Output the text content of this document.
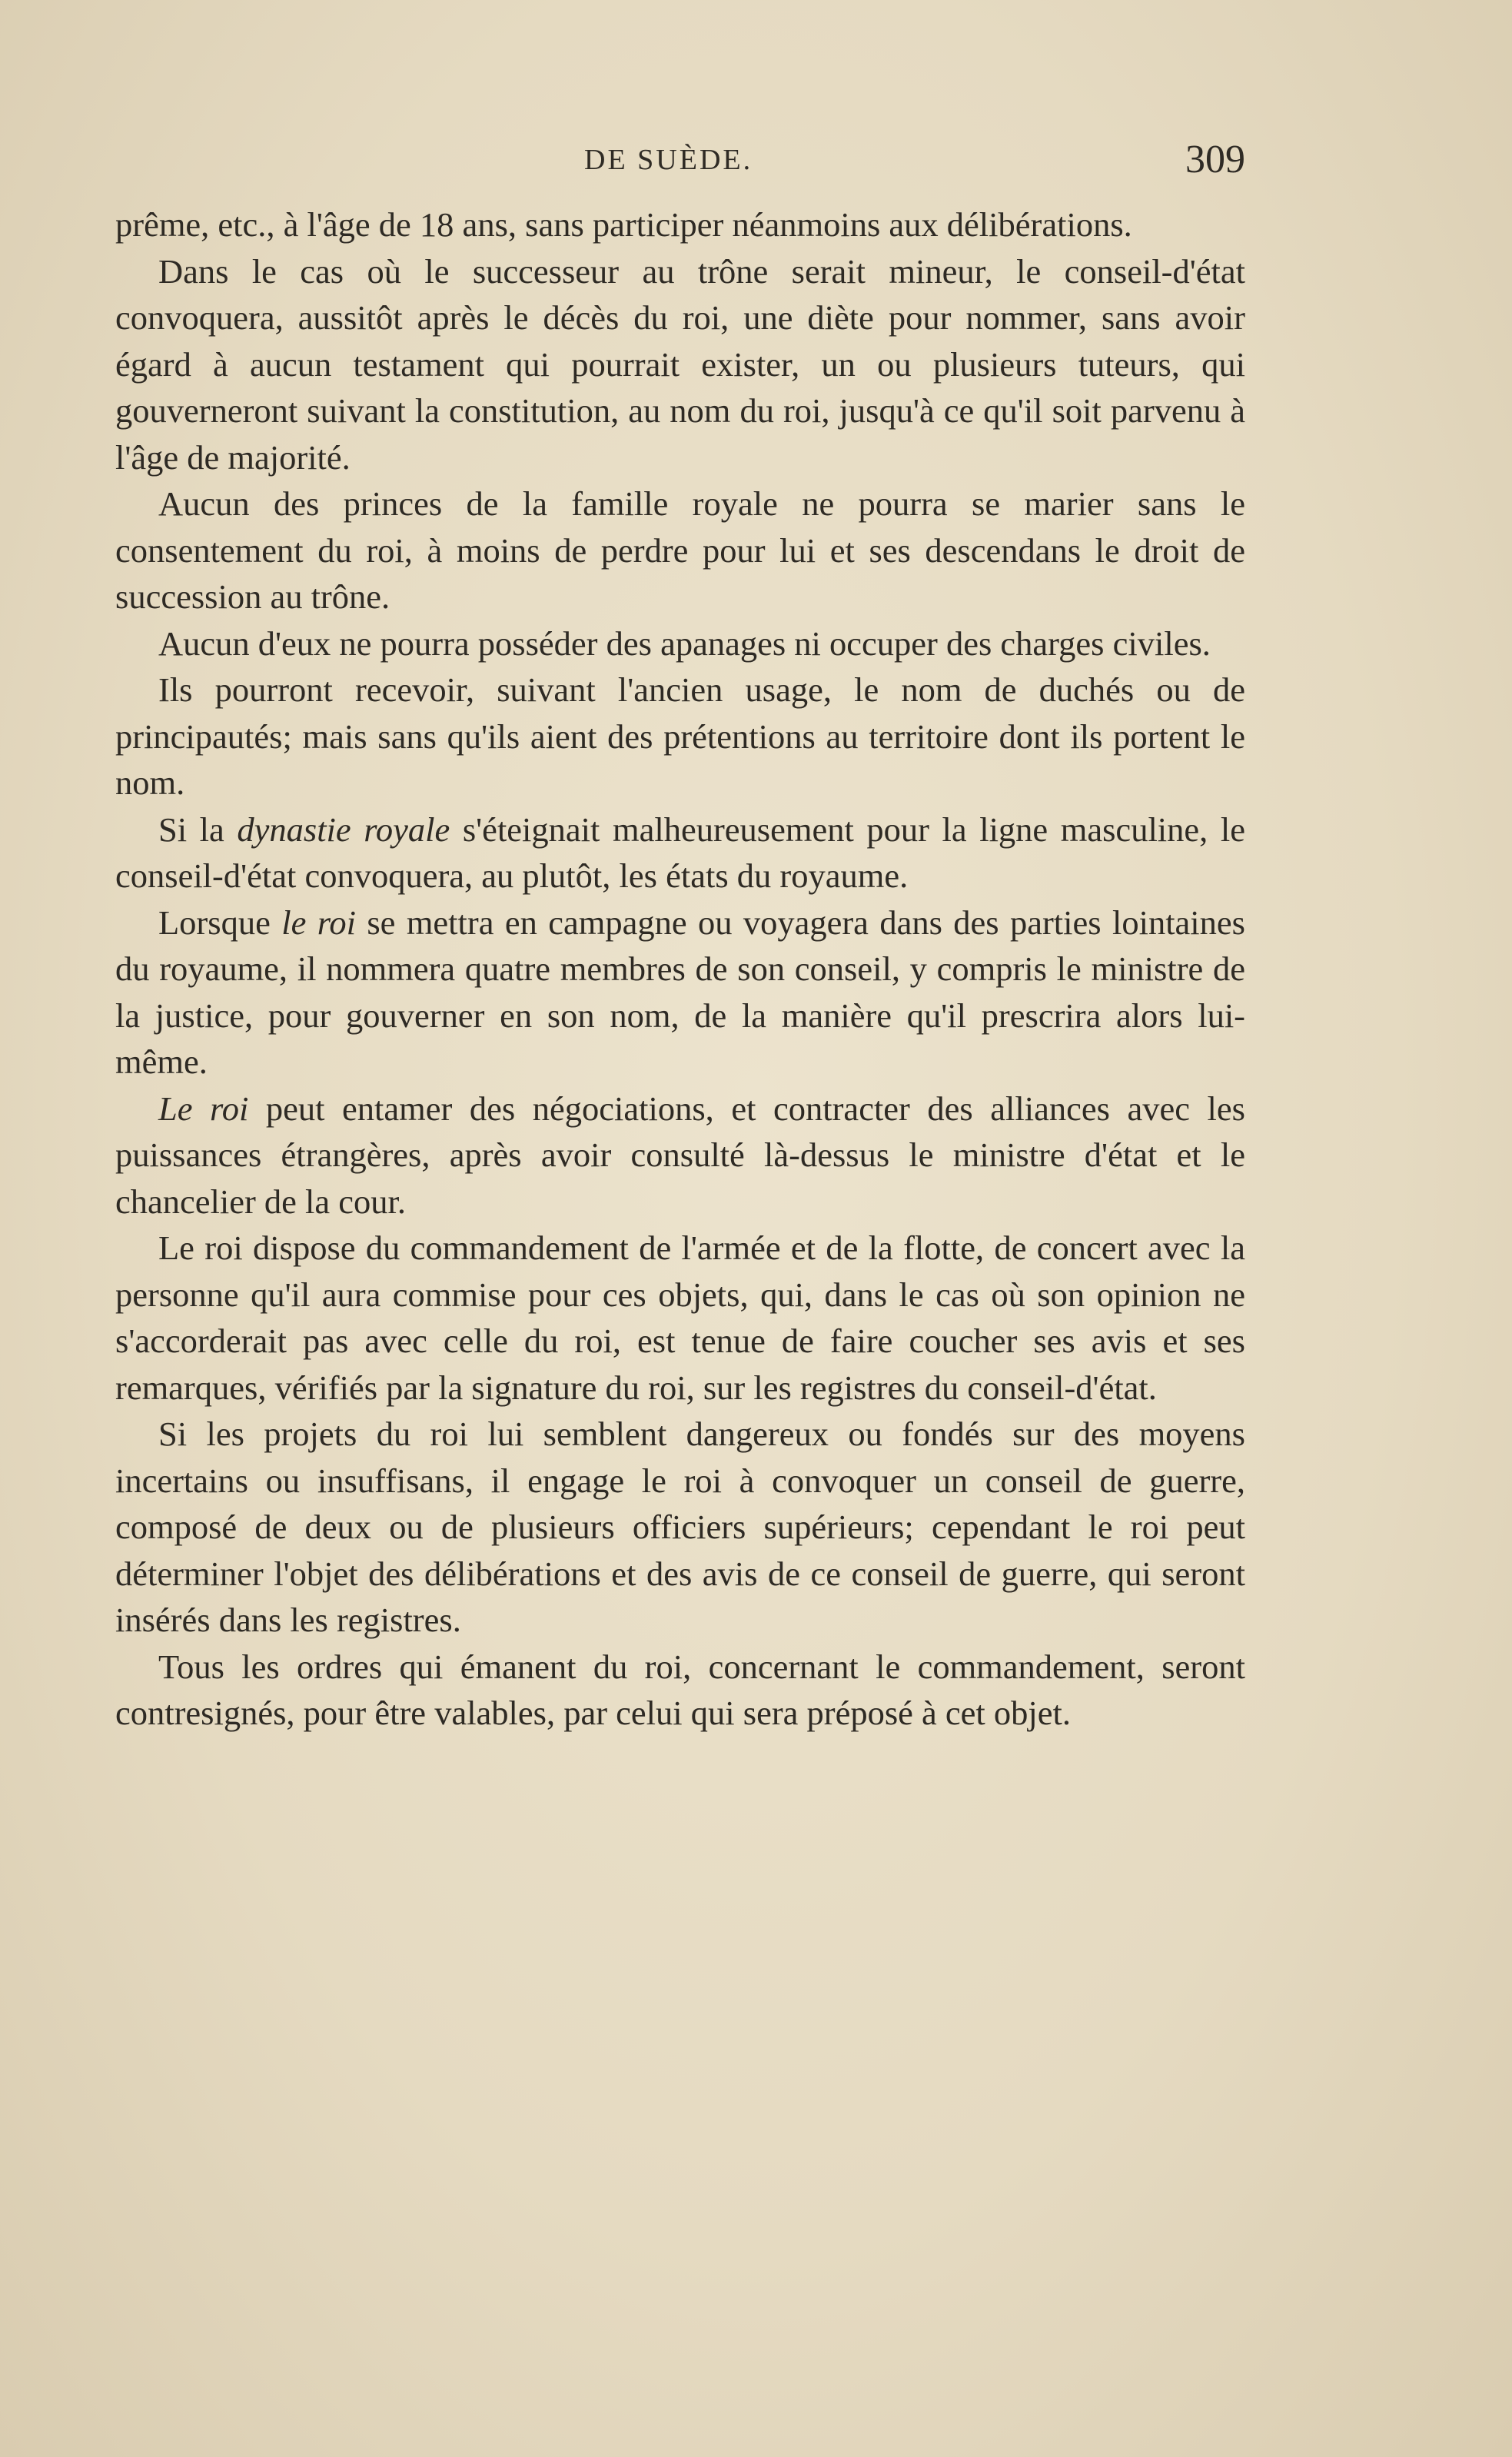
DE SUÈDE.	309

prême, etc., à l'âge de 18 ans, sans participer néanmoins aux délibérations.

Dans le cas où le successeur au trône serait mineur, le conseil-d'état convoquera, aussitôt après le décès du roi, une diète pour nommer, sans avoir égard à aucun testament qui pourrait exister, un ou plusieurs tuteurs, qui gouverneront suivant la constitution, au nom du roi, jusqu'à ce qu'il soit parvenu à l'âge de majorité.

Aucun des princes de la famille royale ne pourra se marier sans le consentement du roi, à moins de perdre pour lui et ses descendans le droit de succession au trône.

Aucun d'eux ne pourra posséder des apanages ni occuper des charges civiles.

Ils pourront recevoir, suivant l'ancien usage, le nom de duchés ou de principautés; mais sans qu'ils aient des prétentions au territoire dont ils portent le nom.

Si la dynastie royale s'éteignait malheureusement pour la ligne masculine, le conseil-d'état convoquera, au plutôt, les états du royaume.

Lorsque le roi se mettra en campagne ou voyagera dans des parties lointaines du royaume, il nommera quatre membres de son conseil, y compris le ministre de la justice, pour gouverner en son nom, de la manière qu'il prescrira alors lui-même.

Le roi peut entamer des négociations, et contracter des alliances avec les puissances étrangères, après avoir consulté là-dessus le ministre d'état et le chancelier de la cour.

Le roi dispose du commandement de l'armée et de la flotte, de concert avec la personne qu'il aura commise pour ces objets, qui, dans le cas où son opinion ne s'accorderait pas avec celle du roi, est tenue de faire coucher ses avis et ses remarques, vérifiés par la signature du roi, sur les registres du conseil-d'état.

Si les projets du roi lui semblent dangereux ou fondés sur des moyens incertains ou insuffisans, il engage le roi à convoquer un conseil de guerre, composé de deux ou de plusieurs officiers supérieurs; cependant le roi peut déterminer l'objet des délibérations et des avis de ce conseil de guerre, qui seront insérés dans les registres.

Tous les ordres qui émanent du roi, concernant le commandement, seront contresignés, pour être valables, par celui qui sera préposé à cet objet.
